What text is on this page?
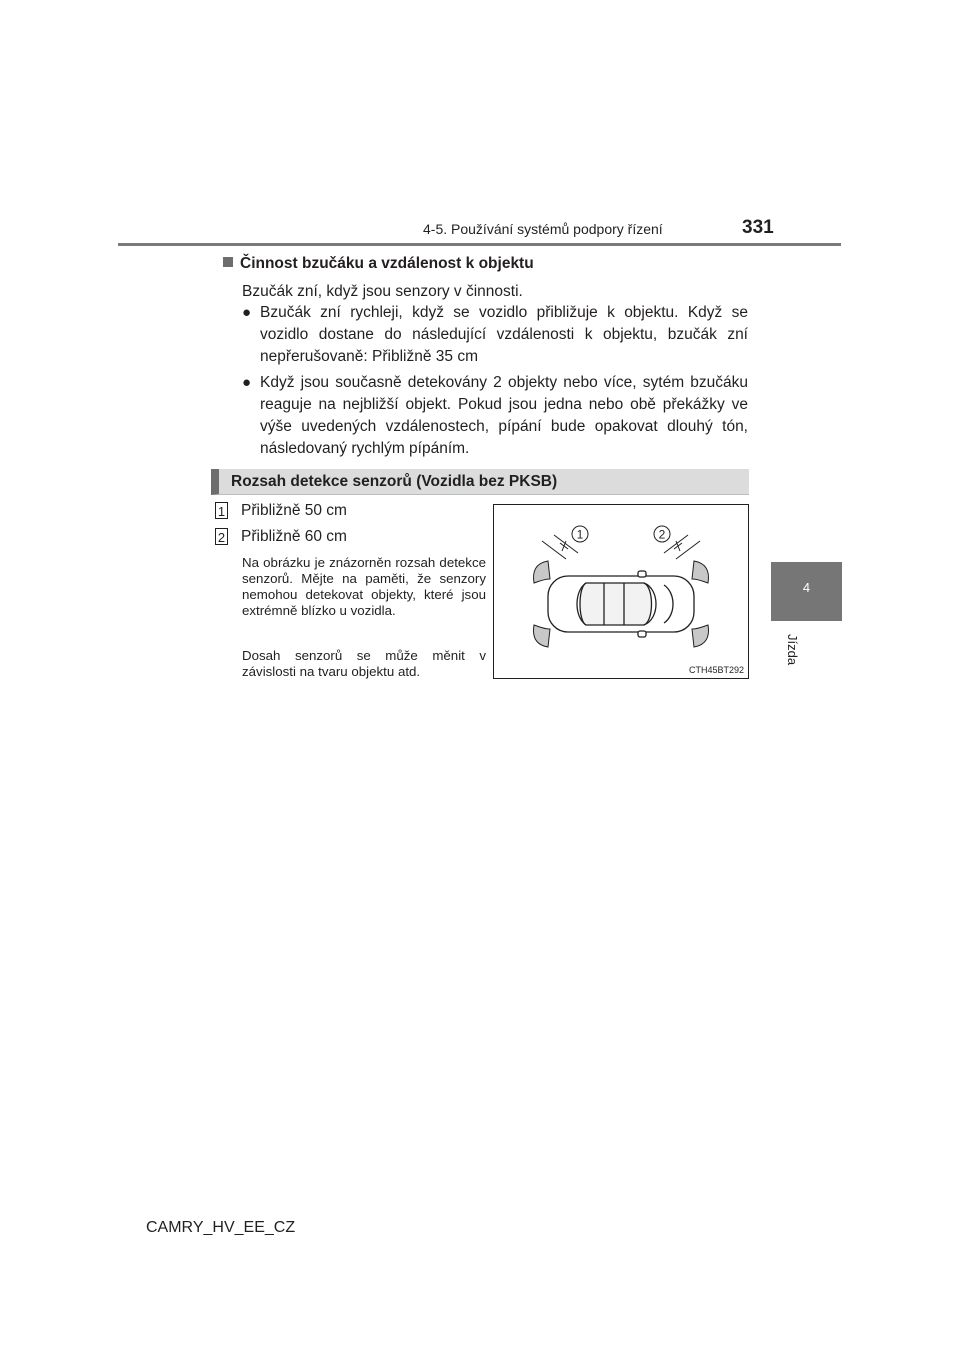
4-5. Používání systémů podpory řízení	331
4
Jízda
Činnost bzučáku a vzdálenost k objektu
Bzučák zní, když jsou senzory v činnosti.
● Bzučák zní rychleji, když se vozidlo přibližuje k objektu. Když se vozidlo dostane do následující vzdálenosti k objektu, bzučák zní nepřerušovaně: Přibližně 35 cm
● Když jsou současně detekovány 2 objekty nebo více, sytém bzučáku reaguje na nejbližší objekt. Pokud jsou jedna nebo obě překážky ve výše uvedených vzdálenostech, pípání bude opakovat dlouhý tón, následovaný rychlým pípáním.
Rozsah detekce senzorů (Vozidla bez PKSB)
1 Přibližně 50 cm
2 Přibližně 60 cm
Na obrázku je znázorněn rozsah detekce senzorů. Mějte na paměti, že senzory nemohou detekovat objekty, které jsou extrémně blízko u vozidla.
Dosah senzorů se může měnit v závislosti na tvaru objektu atd.
1	2
CTH45BT292
CAMRY_HV_EE_CZ
